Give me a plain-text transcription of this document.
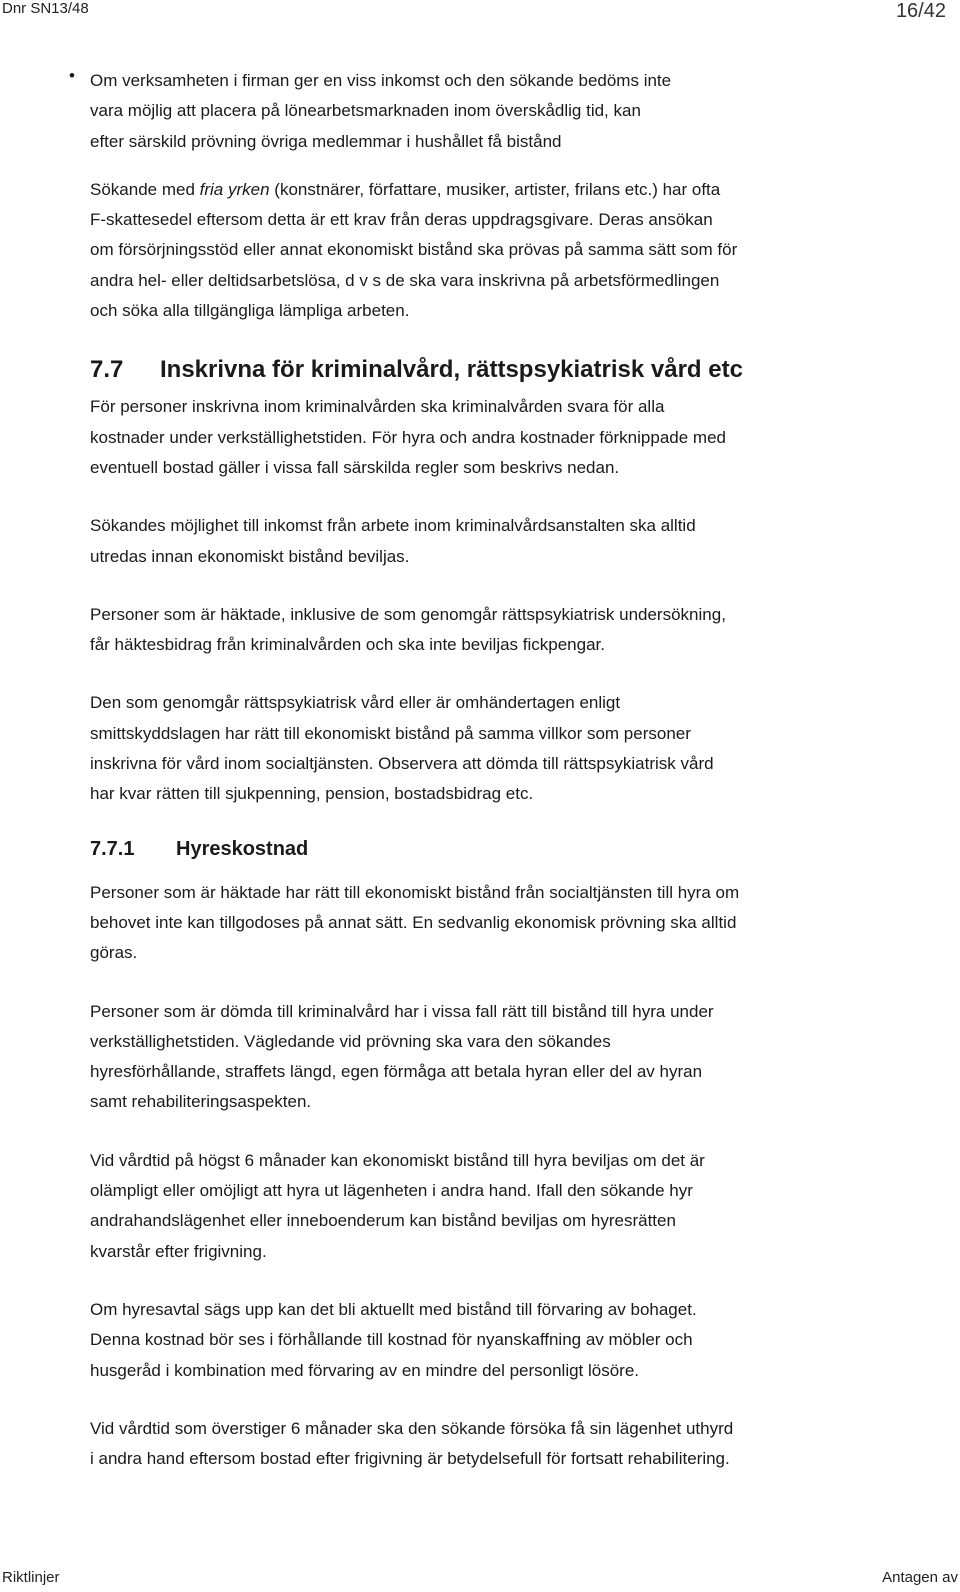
Dnr SN13/48	16/42
• Om verksamheten i firman ger en viss inkomst och den sökande bedöms inte
vara möjlig att placera på lönearbetsmarknaden inom överskådlig tid, kan
efter särskild prövning övriga medlemmar i hushållet få bistånd

Sökande med fria yrken (konstnärer, författare, musiker, artister, frilans etc.) har ofta
F-skattesedel eftersom detta är ett krav från deras uppdragsgivare. Deras ansökan
om försörjningsstöd eller annat ekonomiskt bistånd ska prövas på samma sätt som för
andra hel- eller deltidsarbetslösa, d v s de ska vara inskrivna på arbetsförmedlingen
och söka alla tillgängliga lämpliga arbeten.

7.7 Inskrivna för kriminalvård, rättspsykiatrisk vård etc

För personer inskrivna inom kriminalvården ska kriminalvården svara för alla
kostnader under verkställighetstiden. För hyra och andra kostnader förknippade med
eventuell bostad gäller i vissa fall särskilda regler som beskrivs nedan.

Sökandes möjlighet till inkomst från arbete inom kriminalvårdsanstalten ska alltid
utredas innan ekonomiskt bistånd beviljas.

Personer som är häktade, inklusive de som genomgår rättspsykiatrisk undersökning,
får häktesbidrag från kriminalvården och ska inte beviljas fickpengar.

Den som genomgår rättspsykiatrisk vård eller är omhändertagen enligt
smittskyddslagen har rätt till ekonomiskt bistånd på samma villkor som personer
inskrivna för vård inom socialtjänsten. Observera att dömda till rättspsykiatrisk vård
har kvar rätten till sjukpenning, pension, bostadsbidrag etc.

7.7.1 Hyreskostnad

Personer som är häktade har rätt till ekonomiskt bistånd från socialtjänsten till hyra om
behovet inte kan tillgodoses på annat sätt. En sedvanlig ekonomisk prövning ska alltid
göras.

Personer som är dömda till kriminalvård har i vissa fall rätt till bistånd till hyra under
verkställighetstiden. Vägledande vid prövning ska vara den sökandes
hyresförhållande, straffets längd, egen förmåga att betala hyran eller del av hyran
samt rehabiliteringsaspekten.

Vid vårdtid på högst 6 månader kan ekonomiskt bistånd till hyra beviljas om det är
olämpligt eller omöjligt att hyra ut lägenheten i andra hand. Ifall den sökande hyr
andrahandslägenhet eller inneboenderum kan bistånd beviljas om hyresrätten
kvarstår efter frigivning.

Om hyresavtal sägs upp kan det bli aktuellt med bistånd till förvaring av bohaget.
Denna kostnad bör ses i förhållande till kostnad för nyanskaffning av möbler och
husgeråd i kombination med förvaring av en mindre del personligt lösöre.

Vid vårdtid som överstiger 6 månader ska den sökande försöka få sin lägenhet uthyrd
i andra hand eftersom bostad efter frigivning är betydelsefull för fortsatt rehabilitering.

Riktlinjer	Antagen av
